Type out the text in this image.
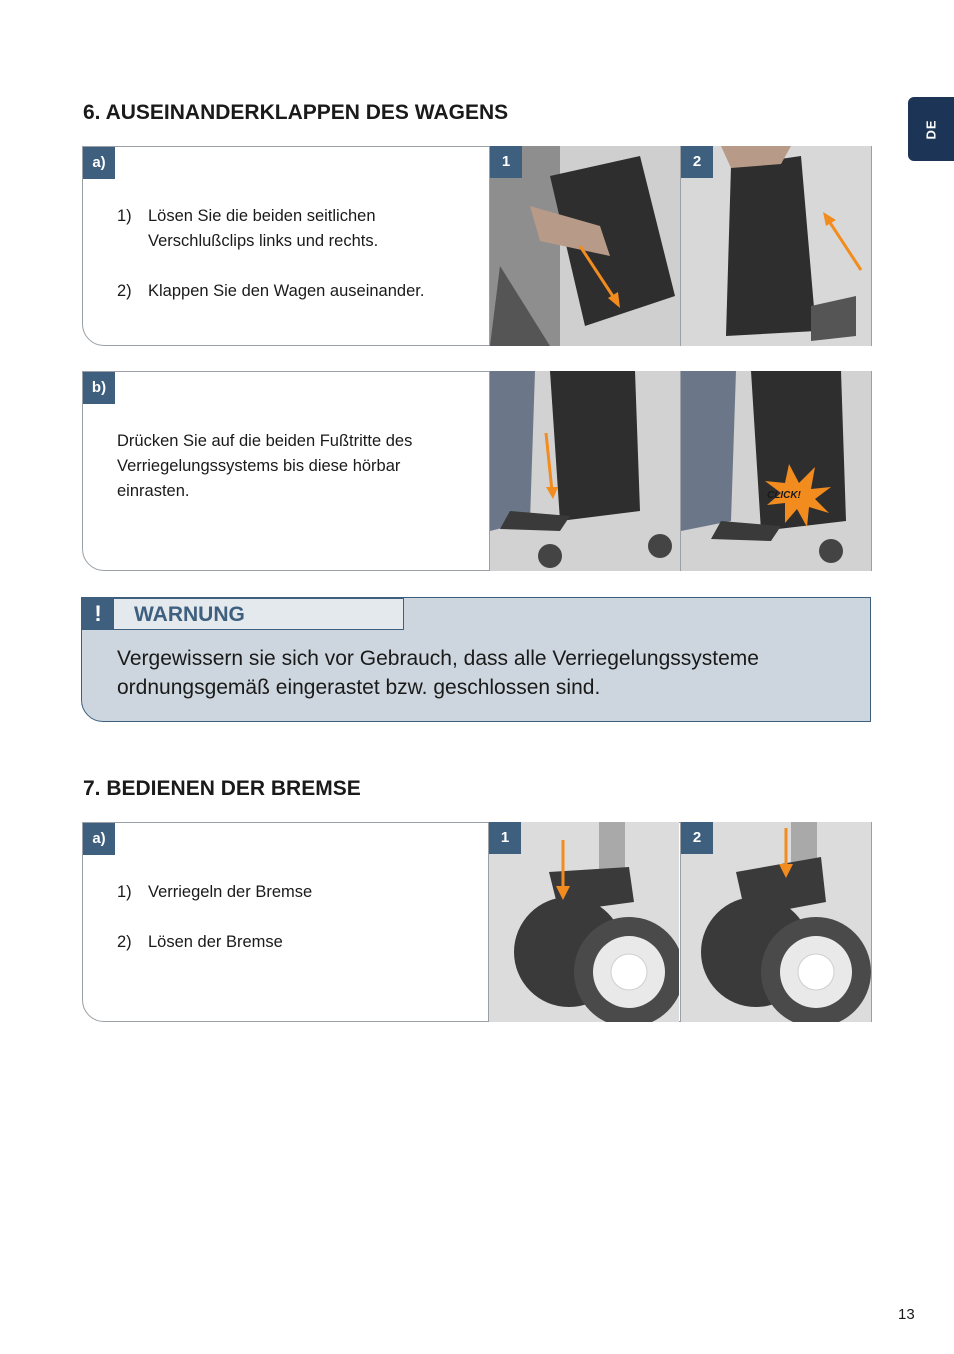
DE
6. AUSEINANDERKLAPPEN DES WAGENS
a)
1) Lösen Sie die beiden seitlichen Verschlußclips links und rechts.
2) Klappen Sie den Wagen auseinander.
1	2
b)

Drücken Sie auf die beiden Fußtritte des Verriegelungssystems bis diese hörbar einrasten.	CLICK!
!	WARNUNG

Vergewissern sie sich vor Gebrauch, dass alle Verriegelungssysteme ordnungsgemäß eingerastet bzw. geschlossen sind.

7. BEDIENEN DER BREMSE
a)
1) Verriegeln der Bremse
2) Lösen der Bremse
1	2
13
